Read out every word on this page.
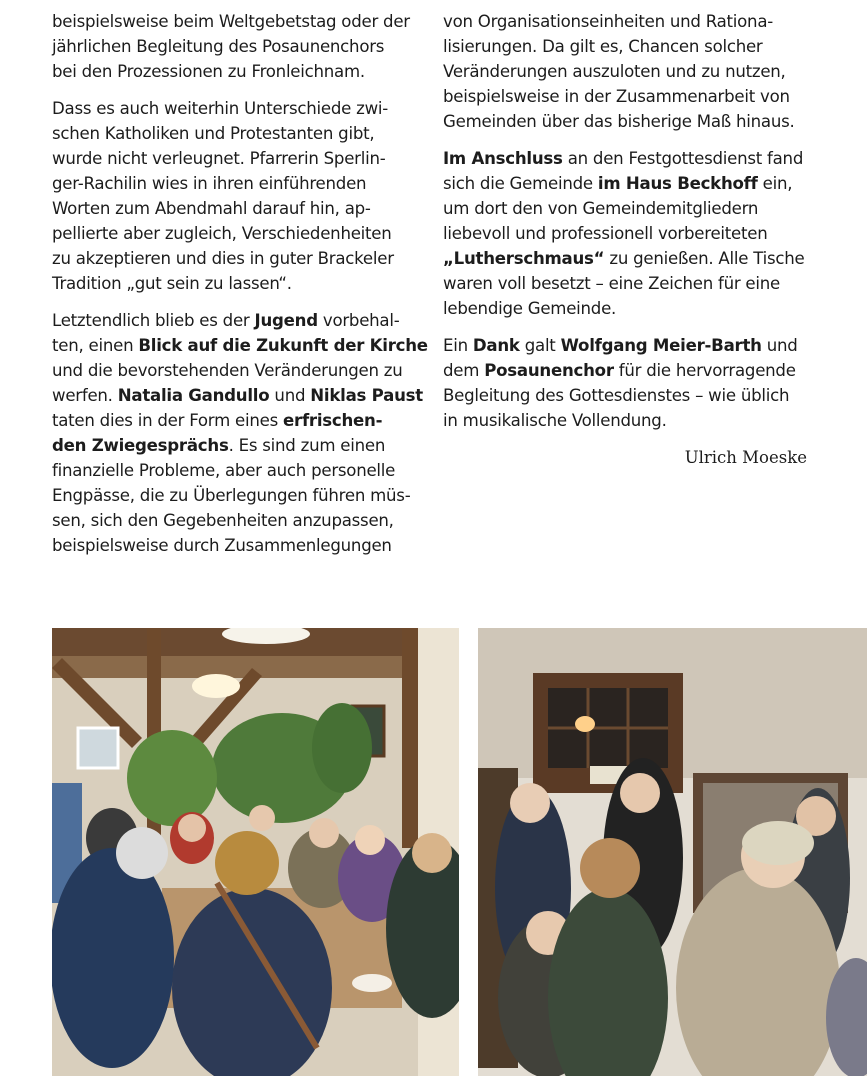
beispielsweise beim Weltgebetstag oder der
jährlichen Begleitung des Posaunenchors
bei den Prozessionen zu Fronleichnam.

Dass es auch weiterhin Unterschiede zwi-
schen Katholiken und Protestanten gibt,
wurde nicht verleugnet. Pfarrerin Sperlin-
ger-Rachilin wies in ihren einführenden
Worten zum Abendmahl darauf hin, ap-
pellierte aber zugleich, Verschiedenheiten
zu akzeptieren und dies in guter Brackeler
Tradition „gut sein zu lassen“.

Letztendlich blieb es der Jugend vorbehal-
ten, einen Blick auf die Zukunft der Kirche
und die bevorstehenden Veränderungen zu
werfen. Natalia Gandullo und Niklas Paust
taten dies in der Form eines erfrischen-
den Zwiegesprächs. Es sind zum einen
finanzielle Probleme, aber auch personelle
Engpässe, die zu Überlegungen führen müs-
sen, sich den Gegebenheiten anzupassen,
beispielsweise durch Zusammenlegungen

von Organisationseinheiten und Rationa-
lisierungen. Da gilt es, Chancen solcher
Veränderungen auszuloten und zu nutzen,
beispielsweise in der Zusammenarbeit von
Gemeinden über das bisherige Maß hinaus.

Im Anschluss an den Festgottesdienst fand
sich die Gemeinde im Haus Beckhoff ein,
um dort den von Gemeindemitgliedern
liebevoll und professionell vorbereiteten
„Lutherschmaus“ zu genießen. Alle Tische
waren voll besetzt – eine Zeichen für eine
lebendige Gemeinde.

Ein Dank galt Wolfgang Meier-Barth und
dem Posaunenchor für die hervorragende
Begleitung des Gottesdienstes – wie üblich
in musikalische Vollendung.

Ulrich Moeske
